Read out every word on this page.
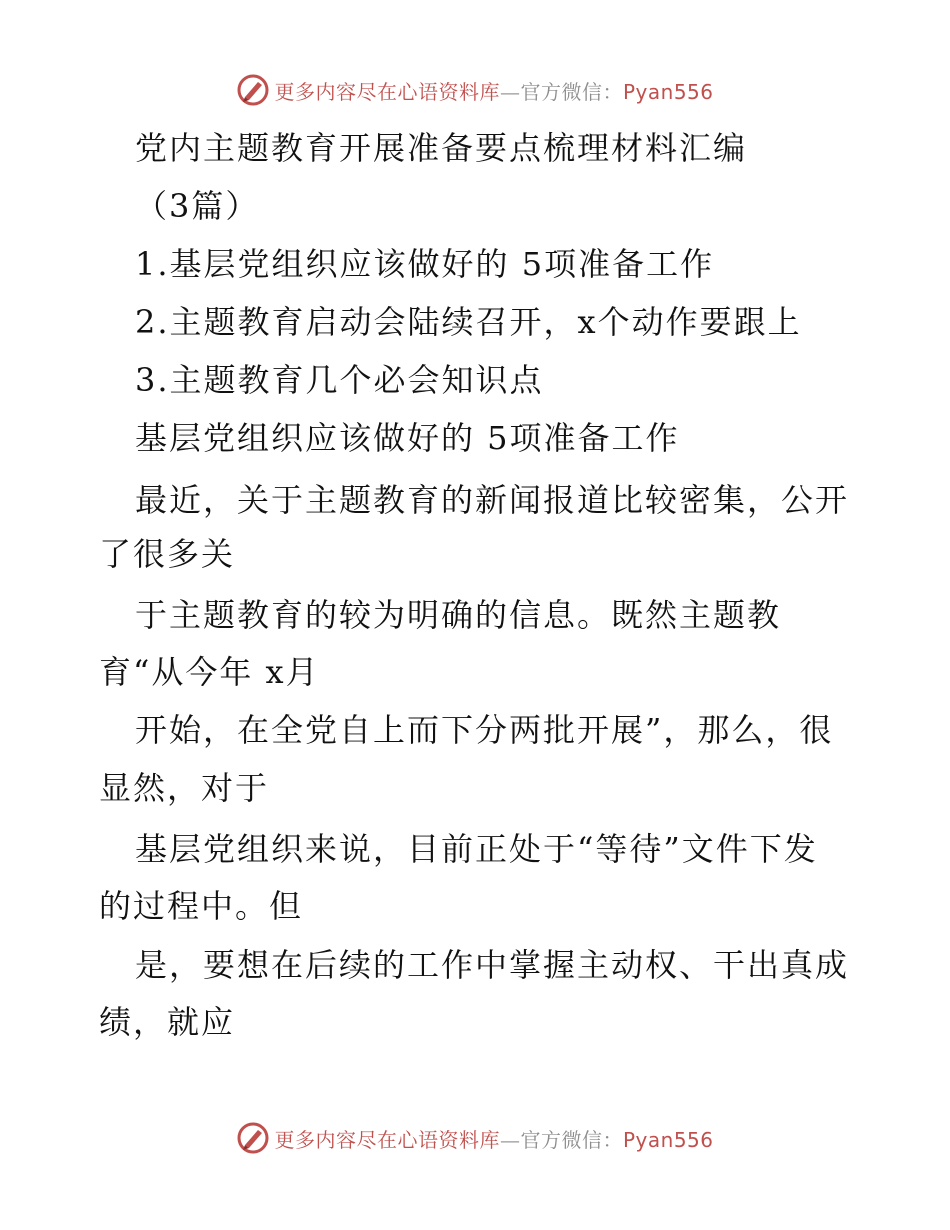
更多内容尽在心语资料库—官方微信：Pyan556
党内主题教育开展准备要点梳理材料汇编
（3篇）
1.基层党组织应该做好的 5项准备工作
2.主题教育启动会陆续召开，x个动作要跟上
3.主题教育几个必会知识点
基层党组织应该做好的 5项准备工作
最近，关于主题教育的新闻报道比较密集，公开
了很多关
于主题教育的较为明确的信息。既然主题教
育“从今年 x月
开始，在全党自上而下分两批开展”，那么，很
显然，对于
基层党组织来说，目前正处于“等待”文件下发
的过程中。但
是，要想在后续的工作中掌握主动权、干出真成
绩，就应
更多内容尽在心语资料库—官方微信：Pyan556
